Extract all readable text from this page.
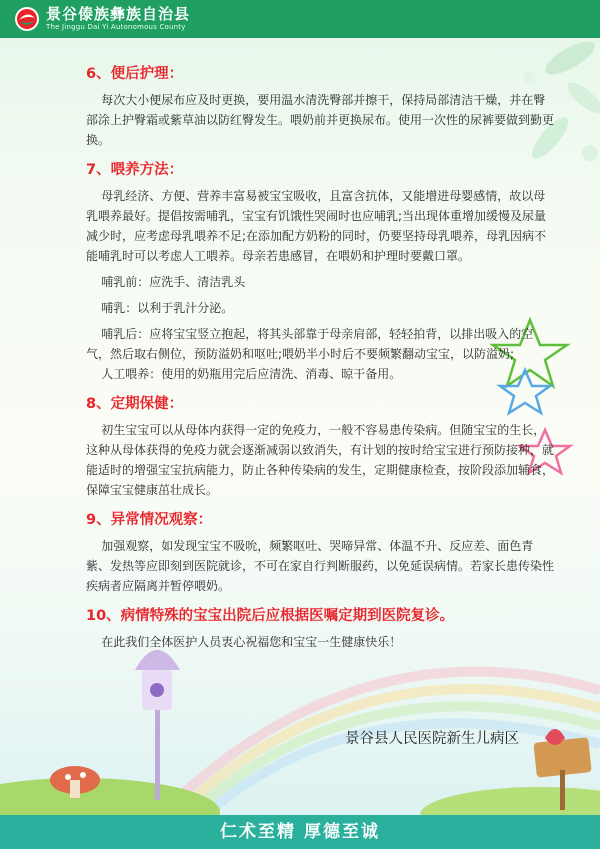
景谷傣族彝族自治县
The Jinggu Dai Yi Autonomous County
6、便后护理：

每次大小便尿布应及时更换，要用温水清洗臀部并擦干，保持局部清洁干燥，并在臀部涂上护臀霜或紫草油以防红臀发生。喂奶前并更换尿布。使用一次性的尿裤要做到勤更换。

7、喂养方法：

母乳经济、方便、营养丰富易被宝宝吸收，且富含抗体，又能增进母婴感情，故以母乳喂养最好。提倡按需哺乳，宝宝有饥饿性哭闹时也应哺乳;当出现体重增加缓慢及尿量减少时，应考虑母乳喂养不足;在添加配方奶粉的同时，仍要坚持母乳喂养，母乳因病不能哺乳时可以考虑人工喂养。母亲若患感冒，在喂奶和护理时要戴口罩。

哺乳前：应洗手、清洁乳头

哺乳：以利于乳汁分泌。

哺乳后：应将宝宝竖立抱起，将其头部靠于母亲肩部，轻轻拍背，以排出吸入的空气，然后取右侧位，预防溢奶和呕吐;喂奶半小时后不要频繁翻动宝宝，以防溢奶;

人工喂养：使用的奶瓶用完后应清洗、消毒、晾干备用。

8、定期保健：

初生宝宝可以从母体内获得一定的免疫力，一般不容易患传染病。但随宝宝的生长，这种从母体获得的免疫力就会逐渐减弱以致消失，有计划的按时给宝宝进行预防接种，就能适时的增强宝宝抗病能力，防止各种传染病的发生，定期健康检查，按阶段添加辅食，保障宝宝健康茁壮成长。

9、异常情况观察：

加强观察，如发现宝宝不吸吮，频繁呕吐、哭啼异常、体温不升、反应差、面色青紫、发热等应即刻到医院就诊，不可在家自行判断服药，以免延误病情。若家长患传染性疾病者应隔离并暂停喂奶。

10、病情特殊的宝宝出院后应根据医嘱定期到医院复诊。

在此我们全体医护人员衷心祝福您和宝宝一生健康快乐！

景谷县人民医院新生儿病区
仁术至精 厚德至诚
